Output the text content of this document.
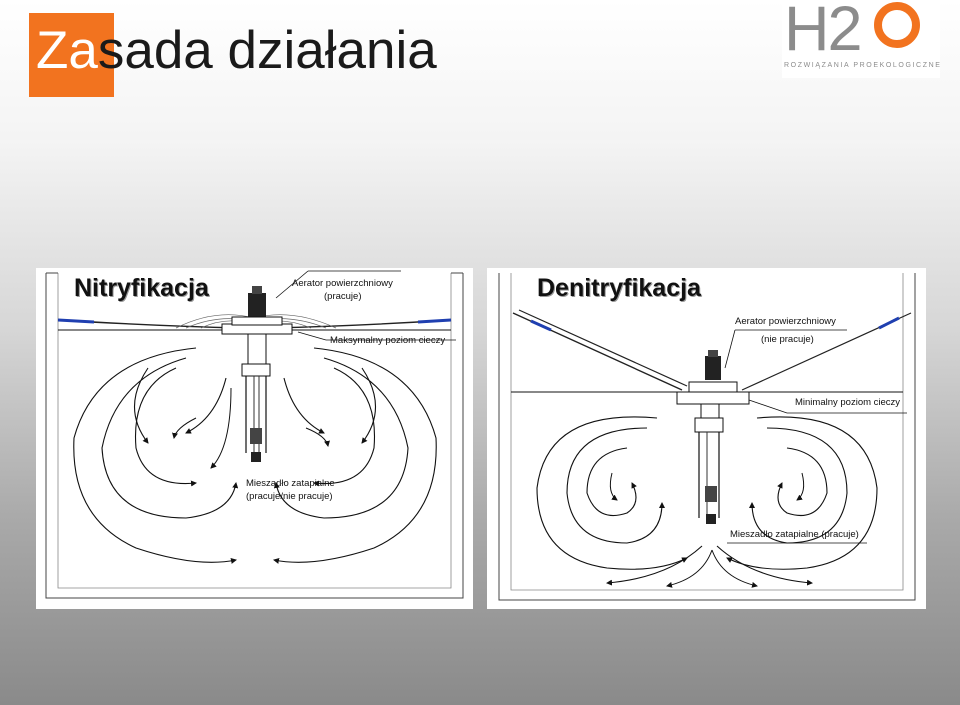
Zasada działania	H2
ROZWIĄZANIA PROEKOLOGICZNE
Nitryfikacja	Aerator powierzchniowy
(pracuje)
Maksymalny poziom cieczy
Mieszadło zatapialne
(pracuje/nie pracuje)
Denitryfikacja
Aerator powierzchniowy
(nie pracuje)
Minimalny poziom cieczy
Mieszadło zatapialne (pracuje)
